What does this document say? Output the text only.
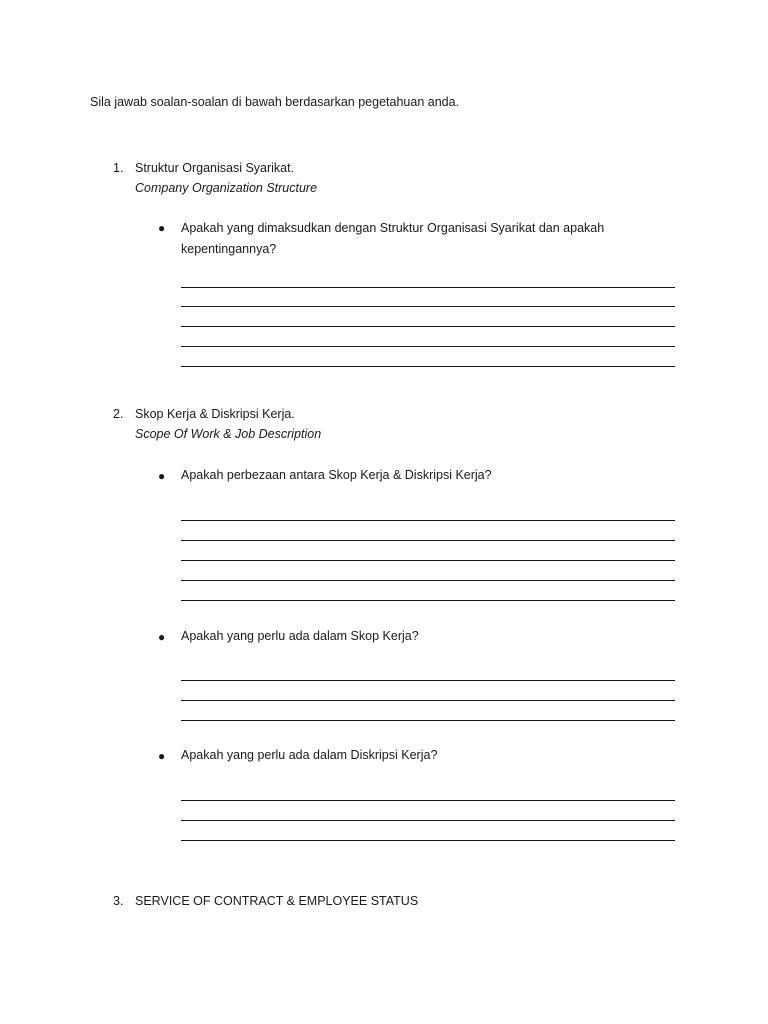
Sila jawab soalan-soalan di bawah berdasarkan pegetahuan anda.
1. Struktur Organisasi Syarikat.
Company Organization Structure
● Apakah yang dimaksudkan dengan Struktur Organisasi Syarikat dan apakah kepentingannya?
2. Skop Kerja & Diskripsi Kerja.
Scope Of Work & Job Description
● Apakah perbezaan antara Skop Kerja & Diskripsi Kerja?
● Apakah yang perlu ada dalam Skop Kerja?
● Apakah yang perlu ada dalam Diskripsi Kerja?
3. SERVICE OF CONTRACT & EMPLOYEE STATUS
